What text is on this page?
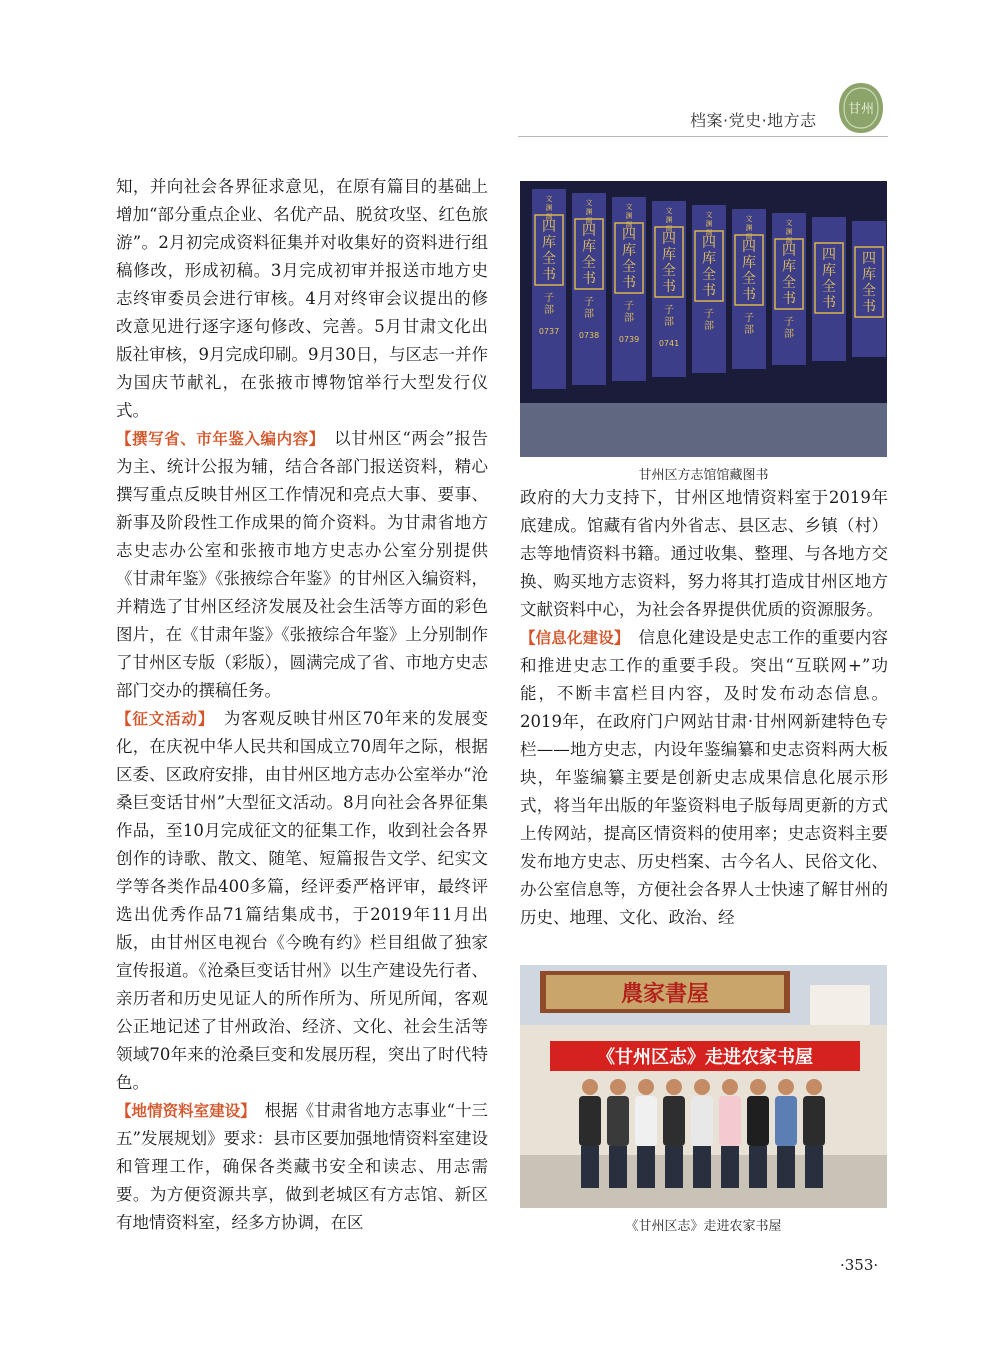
档案·党史·地方志
甘州

知，并向社会各界征求意见，在原有篇目的基础上增加“部分重点企业、名优产品、脱贫攻坚、红色旅游”。2月初完成资料征集并对收集好的资料进行组稿修改，形成初稿。3月完成初审并报送市地方史志终审委员会进行审核。4月对终审会议提出的修改意见进行逐字逐句修改、完善。5月甘肃文化出版社审核，9月完成印刷。9月30日，与区志一并作为国庆节献礼，在张掖市博物馆举行大型发行仪式。

【撰写省、市年鉴入编内容】　 以甘州区“两会”报告为主、统计公报为辅，结合各部门报送资料，精心撰写重点反映甘州区工作情况和亮点大事、要事、新事及阶段性工作成果的简介资料。为甘肃省地方志史志办公室和张掖市地方史志办公室分别提供《甘肃年鉴》《张掖综合年鉴》的甘州区入编资料，并精选了甘州区经济发展及社会生活等方面的彩色图片，在《甘肃年鉴》《张掖综合年鉴》上分别制作了甘州区专版（彩版），圆满完成了省、市地方史志部门交办的撰稿任务。

【征文活动】　 为客观反映甘州区70年来的发展变化，在庆祝中华人民共和国成立70周年之际，根据区委、区政府安排，由甘州区地方志办公室举办“沧桑巨变话甘州”大型征文活动。8月向社会各界征集作品，至10月完成征文的征集工作，收到社会各界创作的诗歌、散文、随笔、短篇报告文学、纪实文学等各类作品400多篇，经评委严格评审，最终评选出优秀作品71篇结集成书，于2019年11月出版，由甘州区电视台《今晚有约》栏目组做了独家宣传报道。《沧桑巨变话甘州》以生产建设先行者、亲历者和历史见证人的所作所为、所见所闻，客观公正地记述了甘州政治、经济、文化、社会生活等领域70年来的沧桑巨变和发展历程，突出了时代特色。

【地情资料室建设】　 根据《甘肃省地方志事业“十三五”发展规划》要求：县市区要加强地情资料室建设和管理工作，确保各类藏书安全和读志、用志需要。为方便资源共享，做到老城区有方志馆、新区有地情资料室，经多方协调，在区

文
渊
阁
四
库
全
书
子
部
0737
文
渊
阁
四
库
全
书
子
部
0738
文
渊
阁
四
库
全
书
子
部
0739
文
渊
阁
四
库
全
书
子
部
0741
文
渊
阁
四
库
全
书
子
部
文
渊
阁
四
库
全
书
子
部
文
渊
阁
四
库
全
书
子
部
四
库
全
书
四
库
全
书
甘州区方志馆馆藏图书

政府的大力支持下，甘州区地情资料室于2019年底建成。馆藏有省内外省志、县区志、乡镇（村）志等地情资料书籍。通过收集、整理、与各地方交换、购买地方志资料，努力将其打造成甘州区地方文献资料中心，为社会各界提供优质的资源服务。

【信息化建设】　 信息化建设是史志工作的重要内容和推进史志工作的重要手段。突出“互联网+”功能，不断丰富栏目内容，及时发布动态信息。2019年，在政府门户网站甘肃·甘州网新建特色专栏——地方史志，内设年鉴编纂和史志资料两大板块，年鉴编纂主要是创新史志成果信息化展示形式，将当年出版的年鉴资料电子版每周更新的方式上传网站，提高区情资料的使用率；史志资料主要发布地方史志、历史档案、古今名人、民俗文化、办公室信息等，方便社会各界人士快速了解甘州的历史、地理、文化、政治、经

農家書屋
《甘州区志》走进农家书屋
《甘州区志》走进农家书屋
·353·
